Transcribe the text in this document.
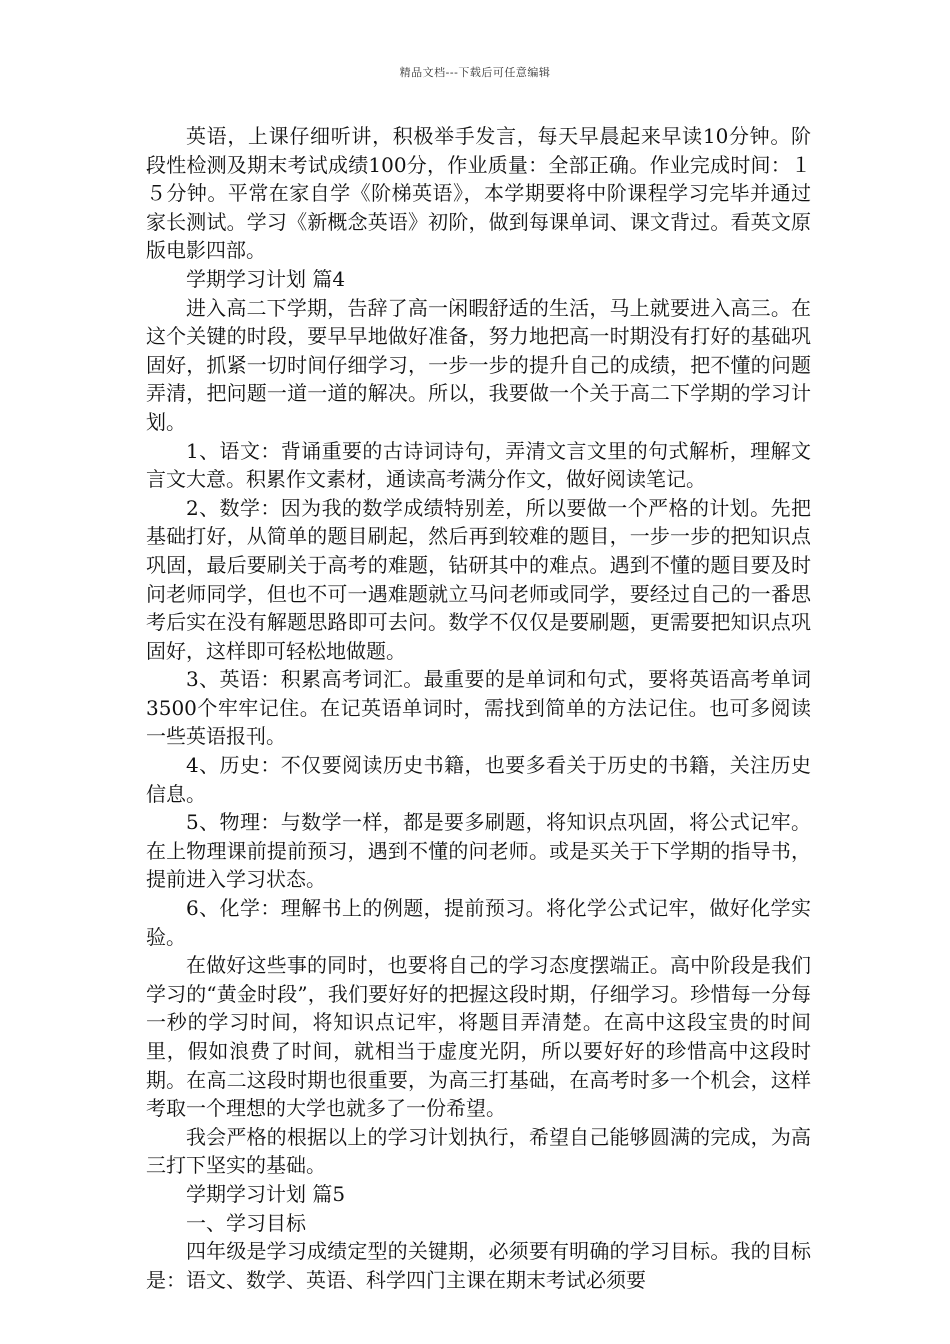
精品文档---下载后可任意编辑

英语，上课仔细听讲，积极举手发言，每天早晨起来早读10分钟。阶段性检测及期末考试成绩100分，作业质量：全部正确。作业完成时间：１５分钟。平常在家自学《阶梯英语》，本学期要将中阶课程学习完毕并通过家长测试。学习《新概念英语》初阶，做到每课单词、课文背过。看英文原版电影四部。

学期学习计划 篇4

进入高二下学期，告辞了高一闲暇舒适的生活，马上就要进入高三。在这个关键的时段，要早早地做好准备，努力地把高一时期没有打好的基础巩固好，抓紧一切时间仔细学习，一步一步的提升自己的成绩，把不懂的问题弄清，把问题一道一道的解决。所以，我要做一个关于高二下学期的学习计划。

1、语文：背诵重要的古诗词诗句，弄清文言文里的句式解析，理解文言文大意。积累作文素材，通读高考满分作文，做好阅读笔记。

2、数学：因为我的数学成绩特别差，所以要做一个严格的计划。先把基础打好，从简单的题目刷起，然后再到较难的题目，一步一步的把知识点巩固，最后要刷关于高考的难题，钻研其中的难点。遇到不懂的题目要及时问老师同学，但也不可一遇难题就立马问老师或同学，要经过自己的一番思考后实在没有解题思路即可去问。数学不仅仅是要刷题，更需要把知识点巩固好，这样即可轻松地做题。

3、英语：积累高考词汇。最重要的是单词和句式，要将英语高考单词3500个牢牢记住。在记英语单词时，需找到简单的方法记住。也可多阅读一些英语报刊。

4、历史：不仅要阅读历史书籍，也要多看关于历史的书籍，关注历史信息。

5、物理：与数学一样，都是要多刷题，将知识点巩固，将公式记牢。在上物理课前提前预习，遇到不懂的问老师。或是买关于下学期的指导书，提前进入学习状态。

6、化学：理解书上的例题，提前预习。将化学公式记牢，做好化学实验。

在做好这些事的同时，也要将自己的学习态度摆端正。高中阶段是我们学习的“黄金时段”，我们要好好的把握这段时期，仔细学习。珍惜每一分每一秒的学习时间，将知识点记牢，将题目弄清楚。在高中这段宝贵的时间里，假如浪费了时间，就相当于虚度光阴，所以要好好的珍惜高中这段时期。在高二这段时期也很重要，为高三打基础，在高考时多一个机会，这样考取一个理想的大学也就多了一份希望。

我会严格的根据以上的学习计划执行，希望自己能够圆满的完成，为高三打下坚实的基础。

学期学习计划 篇5

一、学习目标

四年级是学习成绩定型的关键期，必须要有明确的学习目标。我的目标是：语文、数学、英语、科学四门主课在期末考试必须要
